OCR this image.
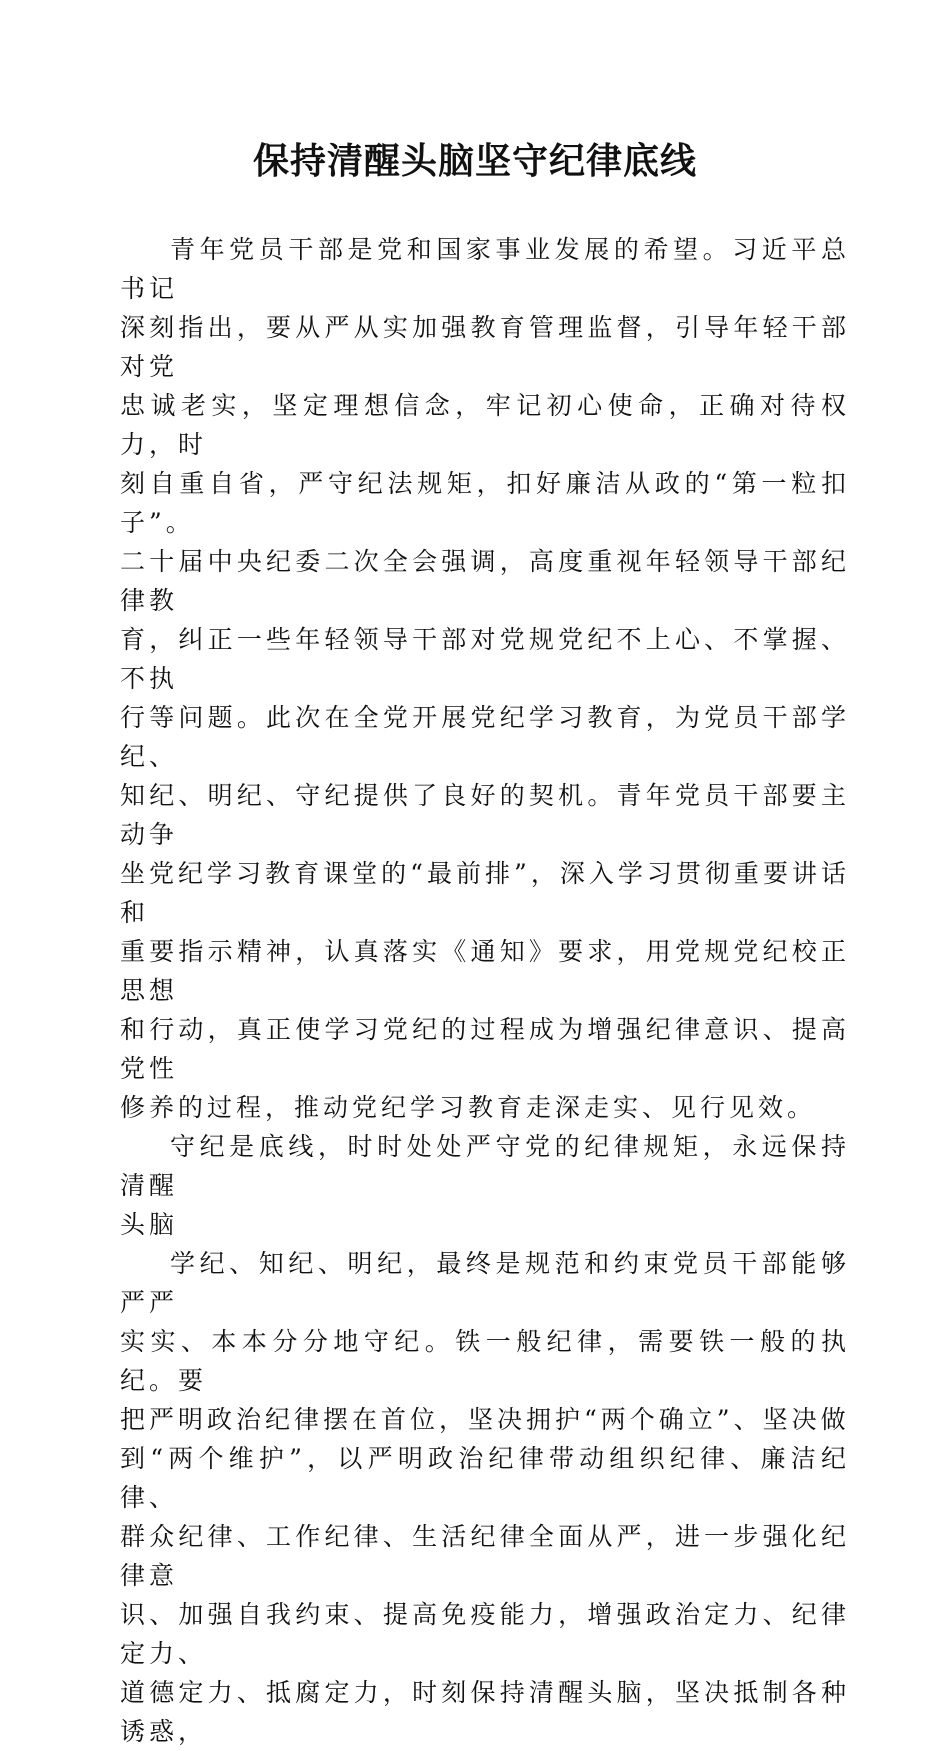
保持清醒头脑坚守纪律底线

青年党员干部是党和国家事业发展的希望。习近平总书记
深刻指出，要从严从实加强教育管理监督，引导年轻干部对党
忠诚老实，坚定理想信念，牢记初心使命，正确对待权力，时
刻自重自省，严守纪法规矩，扣好廉洁从政的“第一粒扣子”。
二十届中央纪委二次全会强调，高度重视年轻领导干部纪律教
育，纠正一些年轻领导干部对党规党纪不上心、不掌握、不执
行等问题。此次在全党开展党纪学习教育，为党员干部学纪、
知纪、明纪、守纪提供了良好的契机。青年党员干部要主动争
坐党纪学习教育课堂的“最前排”，深入学习贯彻重要讲话和
重要指示精神，认真落实《通知》要求，用党规党纪校正思想
和行动，真正使学习党纪的过程成为增强纪律意识、提高党性
修养的过程，推动党纪学习教育走深走实、见行见效。

守纪是底线，时时处处严守党的纪律规矩，永远保持清醒
头脑

学纪、知纪、明纪，最终是规范和约束党员干部能够严严
实实、本本分分地守纪。铁一般纪律，需要铁一般的执纪。要
把严明政治纪律摆在首位，坚决拥护“两个确立”、坚决做
到“两个维护”，以严明政治纪律带动组织纪律、廉洁纪律、
群众纪律、工作纪律、生活纪律全面从严，进一步强化纪律意
识、加强自我约束、提高免疫能力，增强政治定力、纪律定力、
道德定力、抵腐定力，时刻保持清醒头脑，坚决抵制各种诱惑，
